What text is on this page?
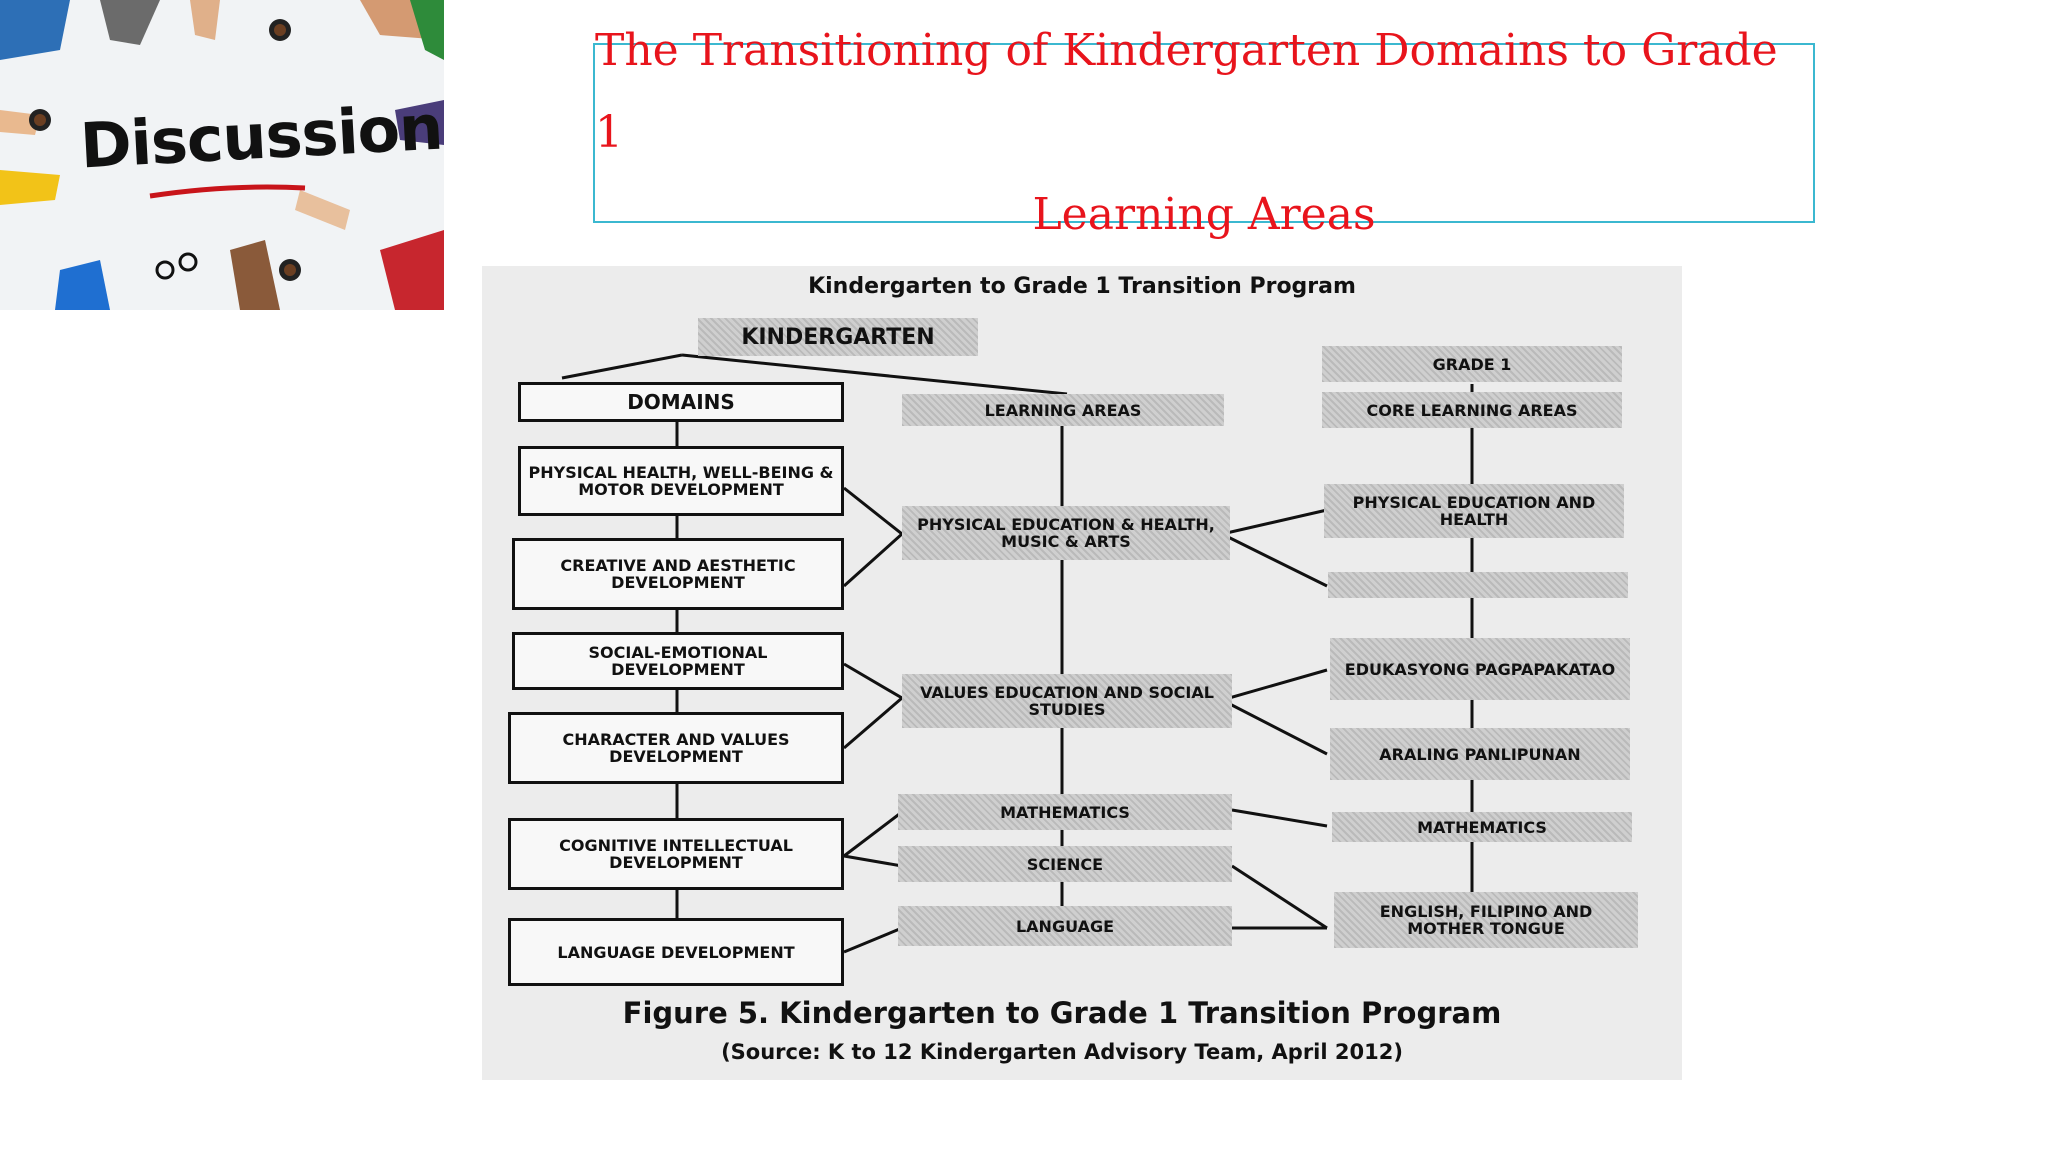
Discussion
The Transitioning of Kindergarten Domains to Grade 1
Learning Areas
Kindergarten to Grade 1 Transition Program
KINDERGARTEN
DOMAINS	LEARNING AREAS
GRADE 1
CORE LEARNING AREAS
PHYSICAL HEALTH, WELL-BEING & MOTOR DEVELOPMENT
CREATIVE AND AESTHETIC DEVELOPMENT
SOCIAL-EMOTIONAL DEVELOPMENT
CHARACTER AND VALUES DEVELOPMENT
COGNITIVE INTELLECTUAL DEVELOPMENT
LANGUAGE DEVELOPMENT
PHYSICAL EDUCATION & HEALTH, MUSIC & ARTS
VALUES EDUCATION AND SOCIAL STUDIES
MATHEMATICS
SCIENCE
LANGUAGE
PHYSICAL EDUCATION AND HEALTH
EDUKASYONG PAGPAPAKATAO
ARALING PANLIPUNAN
MATHEMATICS
ENGLISH, FILIPINO AND MOTHER TONGUE
Figure 5. Kindergarten to Grade 1 Transition Program
(Source: K to 12 Kindergarten Advisory Team, April 2012)
